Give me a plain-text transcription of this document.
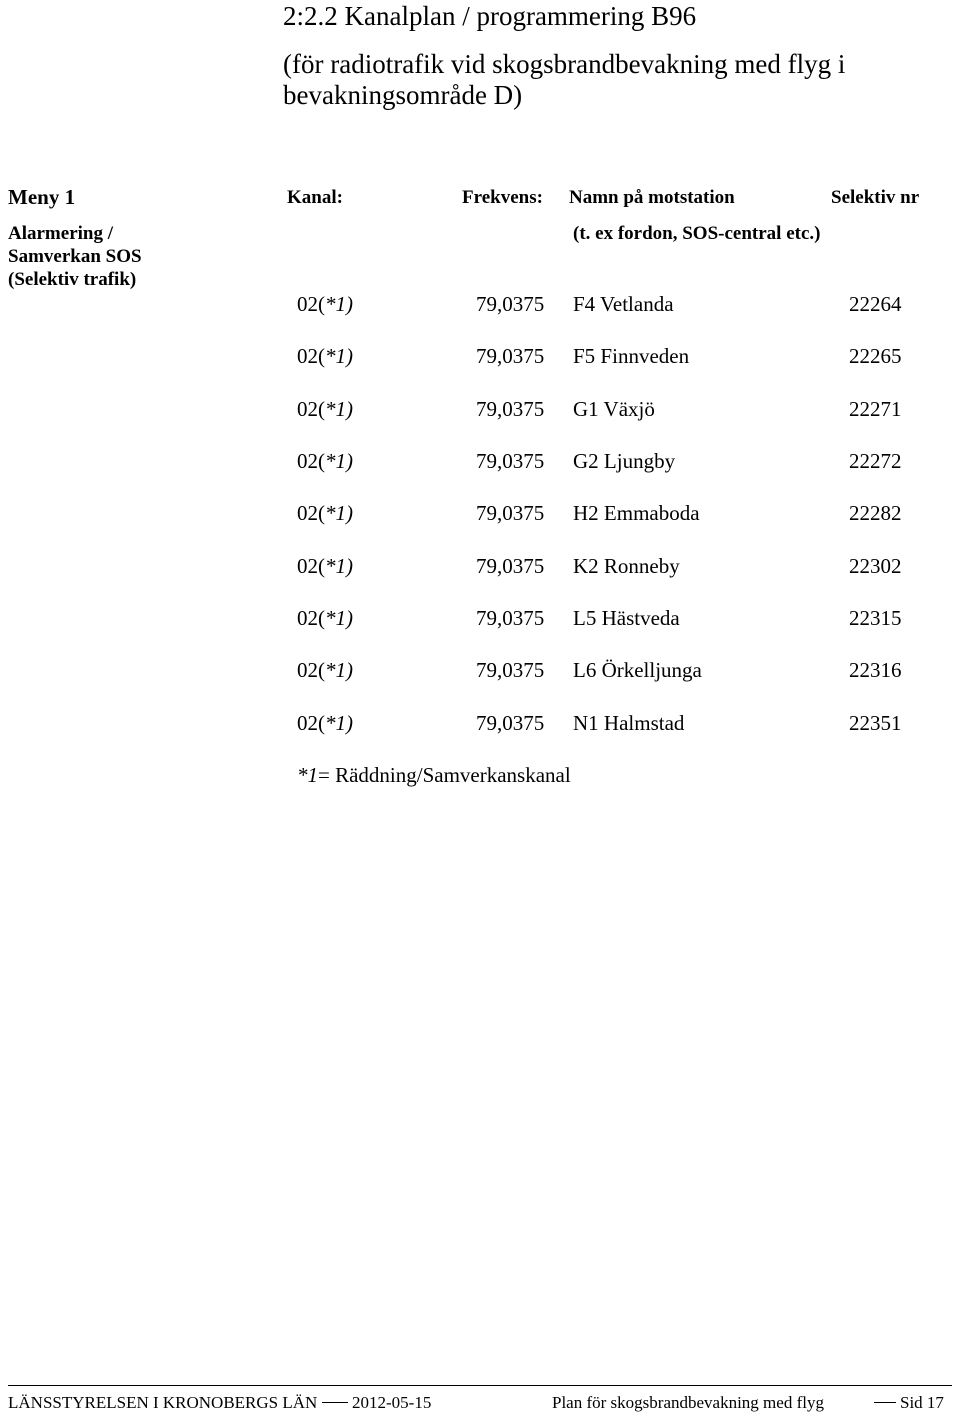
2:2.2 Kanalplan / programmering B96
(för radiotrafik vid skogsbrandbevakning med flyg i
bevakningsområde D)
Meny 1	Kanal:	Frekvens: Namn på motstation	Selektiv nr
(t. ex fordon, SOS-central etc.)
Alarmering /
Samverkan SOS
(Selektiv trafik)
02(*1)	79,0375 F4 Vetlanda	22264
02(*1)	79,0375 F5 Finnveden	22265
02(*1)	79,0375 G1 Växjö	22271
02(*1)	79,0375 G2 Ljungby	22272
02(*1)	79,0375 H2 Emmaboda	22282
02(*1)	79,0375 K2 Ronneby	22302
02(*1)	79,0375 L5 Hästveda	22315
02(*1)	79,0375 L6 Örkelljunga	22316
02(*1)	79,0375 N1 Halmstad	22351
*1= Räddning/Samverkanskanal
LÄNSSTYRELSEN I KRONOBERGS LÄN 2012-05-15	Plan för skogsbrandbevakning med flyg	Sid 17
